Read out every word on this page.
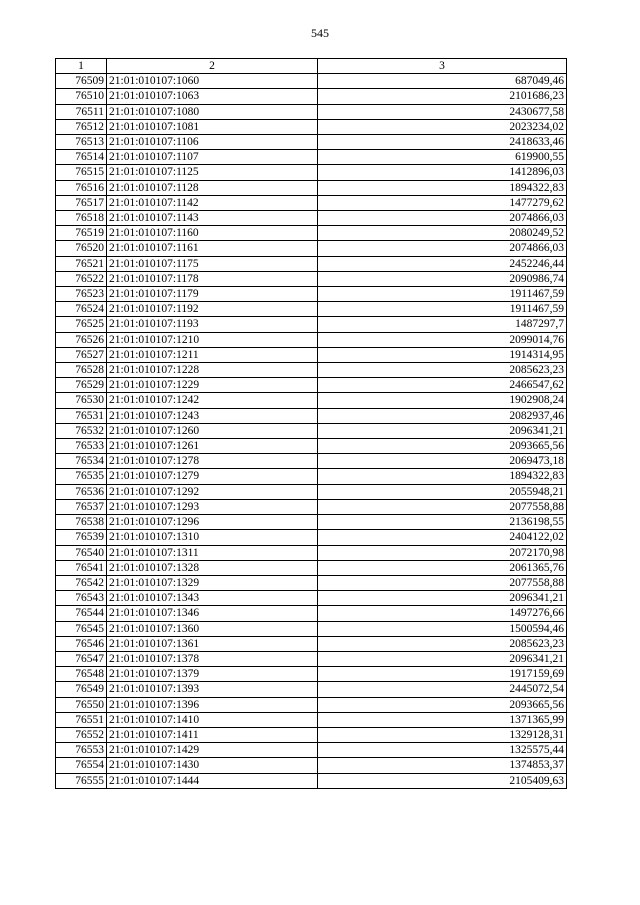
545
1	2	3
76509	21:01:010107:1060	687049,46
76510	21:01:010107:1063	2101686,23
76511	21:01:010107:1080	2430677,58
76512	21:01:010107:1081	2023234,02
76513	21:01:010107:1106	2418633,46
76514	21:01:010107:1107	619900,55
76515	21:01:010107:1125	1412896,03
76516	21:01:010107:1128	1894322,83
76517	21:01:010107:1142	1477279,62
76518	21:01:010107:1143	2074866,03
76519	21:01:010107:1160	2080249,52
76520	21:01:010107:1161	2074866,03
76521	21:01:010107:1175	2452246,44
76522	21:01:010107:1178	2090986,74
76523	21:01:010107:1179	1911467,59
76524	21:01:010107:1192	1911467,59
76525	21:01:010107:1193	1487297,7
76526	21:01:010107:1210	2099014,76
76527	21:01:010107:1211	1914314,95
76528	21:01:010107:1228	2085623,23
76529	21:01:010107:1229	2466547,62
76530	21:01:010107:1242	1902908,24
76531	21:01:010107:1243	2082937,46
76532	21:01:010107:1260	2096341,21
76533	21:01:010107:1261	2093665,56
76534	21:01:010107:1278	2069473,18
76535	21:01:010107:1279	1894322,83
76536	21:01:010107:1292	2055948,21
76537	21:01:010107:1293	2077558,88
76538	21:01:010107:1296	2136198,55
76539	21:01:010107:1310	2404122,02
76540	21:01:010107:1311	2072170,98
76541	21:01:010107:1328	2061365,76
76542	21:01:010107:1329	2077558,88
76543	21:01:010107:1343	2096341,21
76544	21:01:010107:1346	1497276,66
76545	21:01:010107:1360	1500594,46
76546	21:01:010107:1361	2085623,23
76547	21:01:010107:1378	2096341,21
76548	21:01:010107:1379	1917159,69
76549	21:01:010107:1393	2445072,54
76550	21:01:010107:1396	2093665,56
76551	21:01:010107:1410	1371365,99
76552	21:01:010107:1411	1329128,31
76553	21:01:010107:1429	1325575,44
76554	21:01:010107:1430	1374853,37
76555	21:01:010107:1444	2105409,63
